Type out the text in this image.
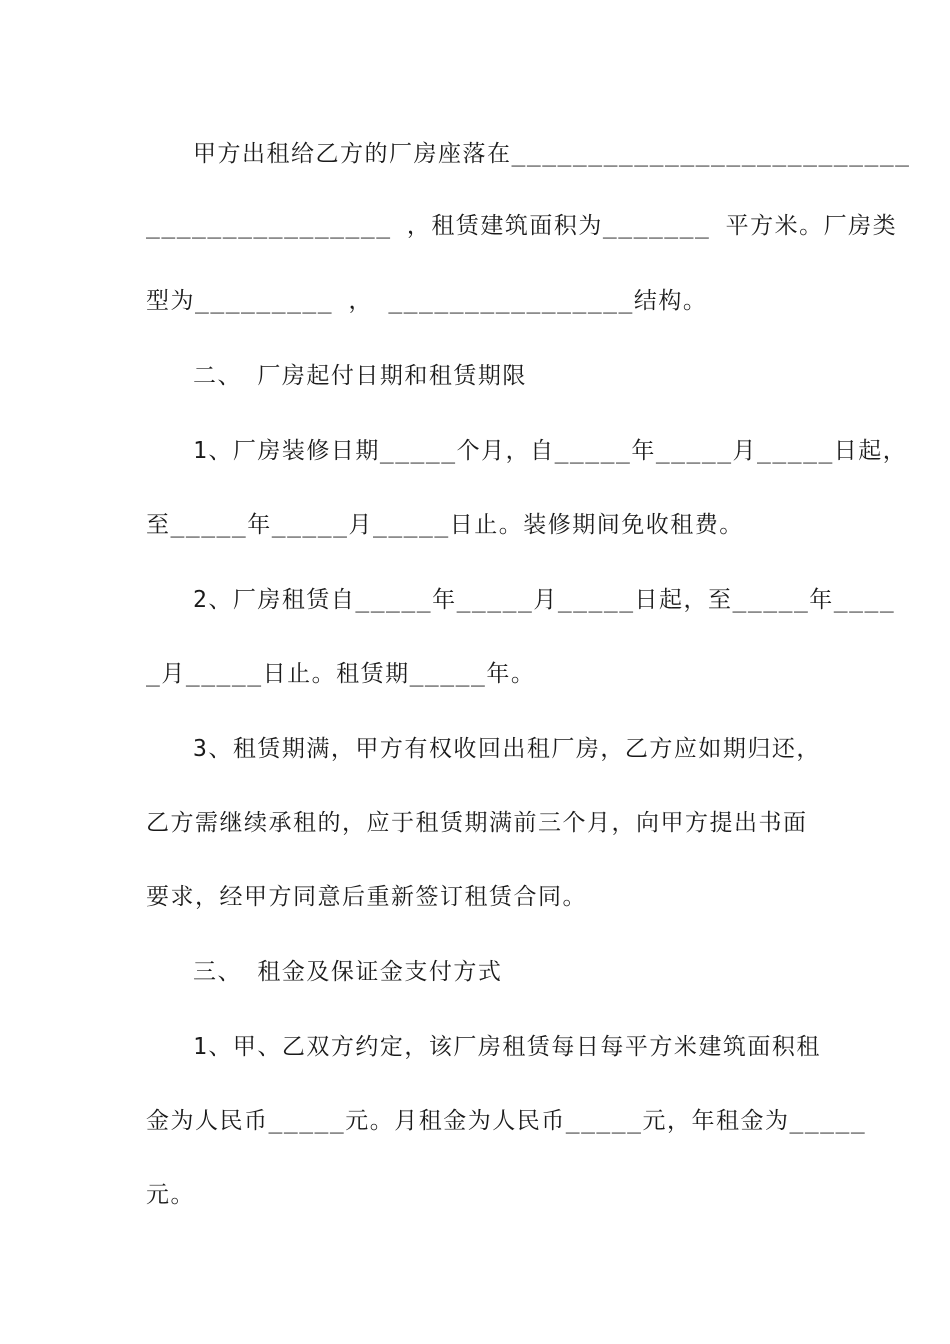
甲方出租给乙方的厂房座落在__________________________
________________ ，租赁建筑面积为_______ 平方米。厂房类
型为_________ ， ________________结构。
二、 厂房起付日期和租赁期限
1、厂房装修日期_____个月，自_____年_____月_____日起，
至_____年_____月_____日止。装修期间免收租费。
2、厂房租赁自_____年_____月_____日起，至_____年____
_月_____日止。租赁期_____年。
3、租赁期满，甲方有权收回出租厂房，乙方应如期归还，
乙方需继续承租的，应于租赁期满前三个月，向甲方提出书面
要求，经甲方同意后重新签订租赁合同。
三、 租金及保证金支付方式
1、甲、乙双方约定，该厂房租赁每日每平方米建筑面积租
金为人民币_____元。月租金为人民币_____元，年租金为_____
元。
